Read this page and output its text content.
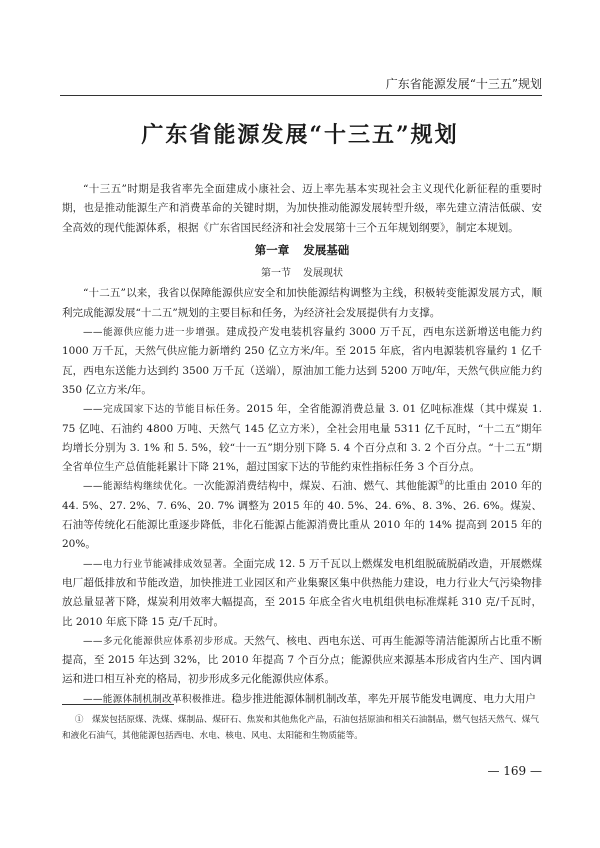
广东省能源发展“十三五”规划
广东省能源发展“十三五”规划

“十三五”时期是我省率先全面建成小康社会、迈上率先基本实现社会主义现代化新征程的重要时期，也是推动能源生产和消费革命的关键时期，为加快推动能源发展转型升级，率先建立清洁低碳、安全高效的现代能源体系，根据《广东省国民经济和社会发展第十三个五年规划纲要》，制定本规划。

第一章 发展基础
第一节 发展现状

“十二五”以来，我省以保障能源供应安全和加快能源结构调整为主线，积极转变能源发展方式，顺利完成能源发展“十二五”规划的主要目标和任务，为经济社会发展提供有力支撑。

——能源供应能力进一步增强。建成投产发电装机容量约 3000 万千瓦，西电东送新增送电能力约 1000 万千瓦，天然气供应能力新增约 250 亿立方米/年。至 2015 年底，省内电源装机容量约 1 亿千瓦，西电东送能力达到约 3500 万千瓦（送端），原油加工能力达到 5200 万吨/年，天然气供应能力约 350 亿立方米/年。

——完成国家下达的节能目标任务。2015 年，全省能源消费总量 3. 01 亿吨标准煤（其中煤炭 1. 75 亿吨、石油约 4800 万吨、天然气 145 亿立方米），全社会用电量 5311 亿千瓦时，“十二五”期年均增长分别为 3. 1% 和 5. 5%，较“十一五”期分别下降 5. 4 个百分点和 3. 2 个百分点。“十二五”期全省单位生产总值能耗累计下降 21%，超过国家下达的节能约束性指标任务 3 个百分点。

——能源结构继续优化。一次能源消费结构中，煤炭、石油、燃气、其他能源①的比重由 2010 年的 44. 5%、27. 2%、7. 6%、20. 7% 调整为 2015 年的 40. 5%、24. 6%、8. 3%、26. 6%。煤炭、石油等传统化石能源比重逐步降低，非化石能源占能源消费比重从 2010 年的 14% 提高到 2015 年的 20%。

——电力行业节能减排成效显著。全面完成 12. 5 万千瓦以上燃煤发电机组脱硫脱硝改造，开展燃煤电厂超低排放和节能改造，加快推进工业园区和产业集聚区集中供热能力建设，电力行业大气污染物排放总量显著下降，煤炭利用效率大幅提高，至 2015 年底全省火电机组供电标准煤耗 310 克/千瓦时，比 2010 年底下降 15 克/千瓦时。

——多元化能源供应体系初步形成。天然气、核电、西电东送、可再生能源等清洁能源所占比重不断提高，至 2015 年达到 32%，比 2010 年提高 7 个百分点；能源供应来源基本形成省内生产、国内调运和进口相互补充的格局，初步形成多元化能源供应体系。

——能源体制机制改革积极推进。稳步推进能源体制机制改革，率先开展节能发电调度、电力大用户

①　煤炭包括原煤、洗煤、煤制品、煤矸石、焦炭和其他焦化产品，石油包括原油和相关石油制品，燃气包括天然气、煤气和液化石油气，其他能源包括西电、水电、核电、风电、太阳能和生物质能等。
— 169 —
